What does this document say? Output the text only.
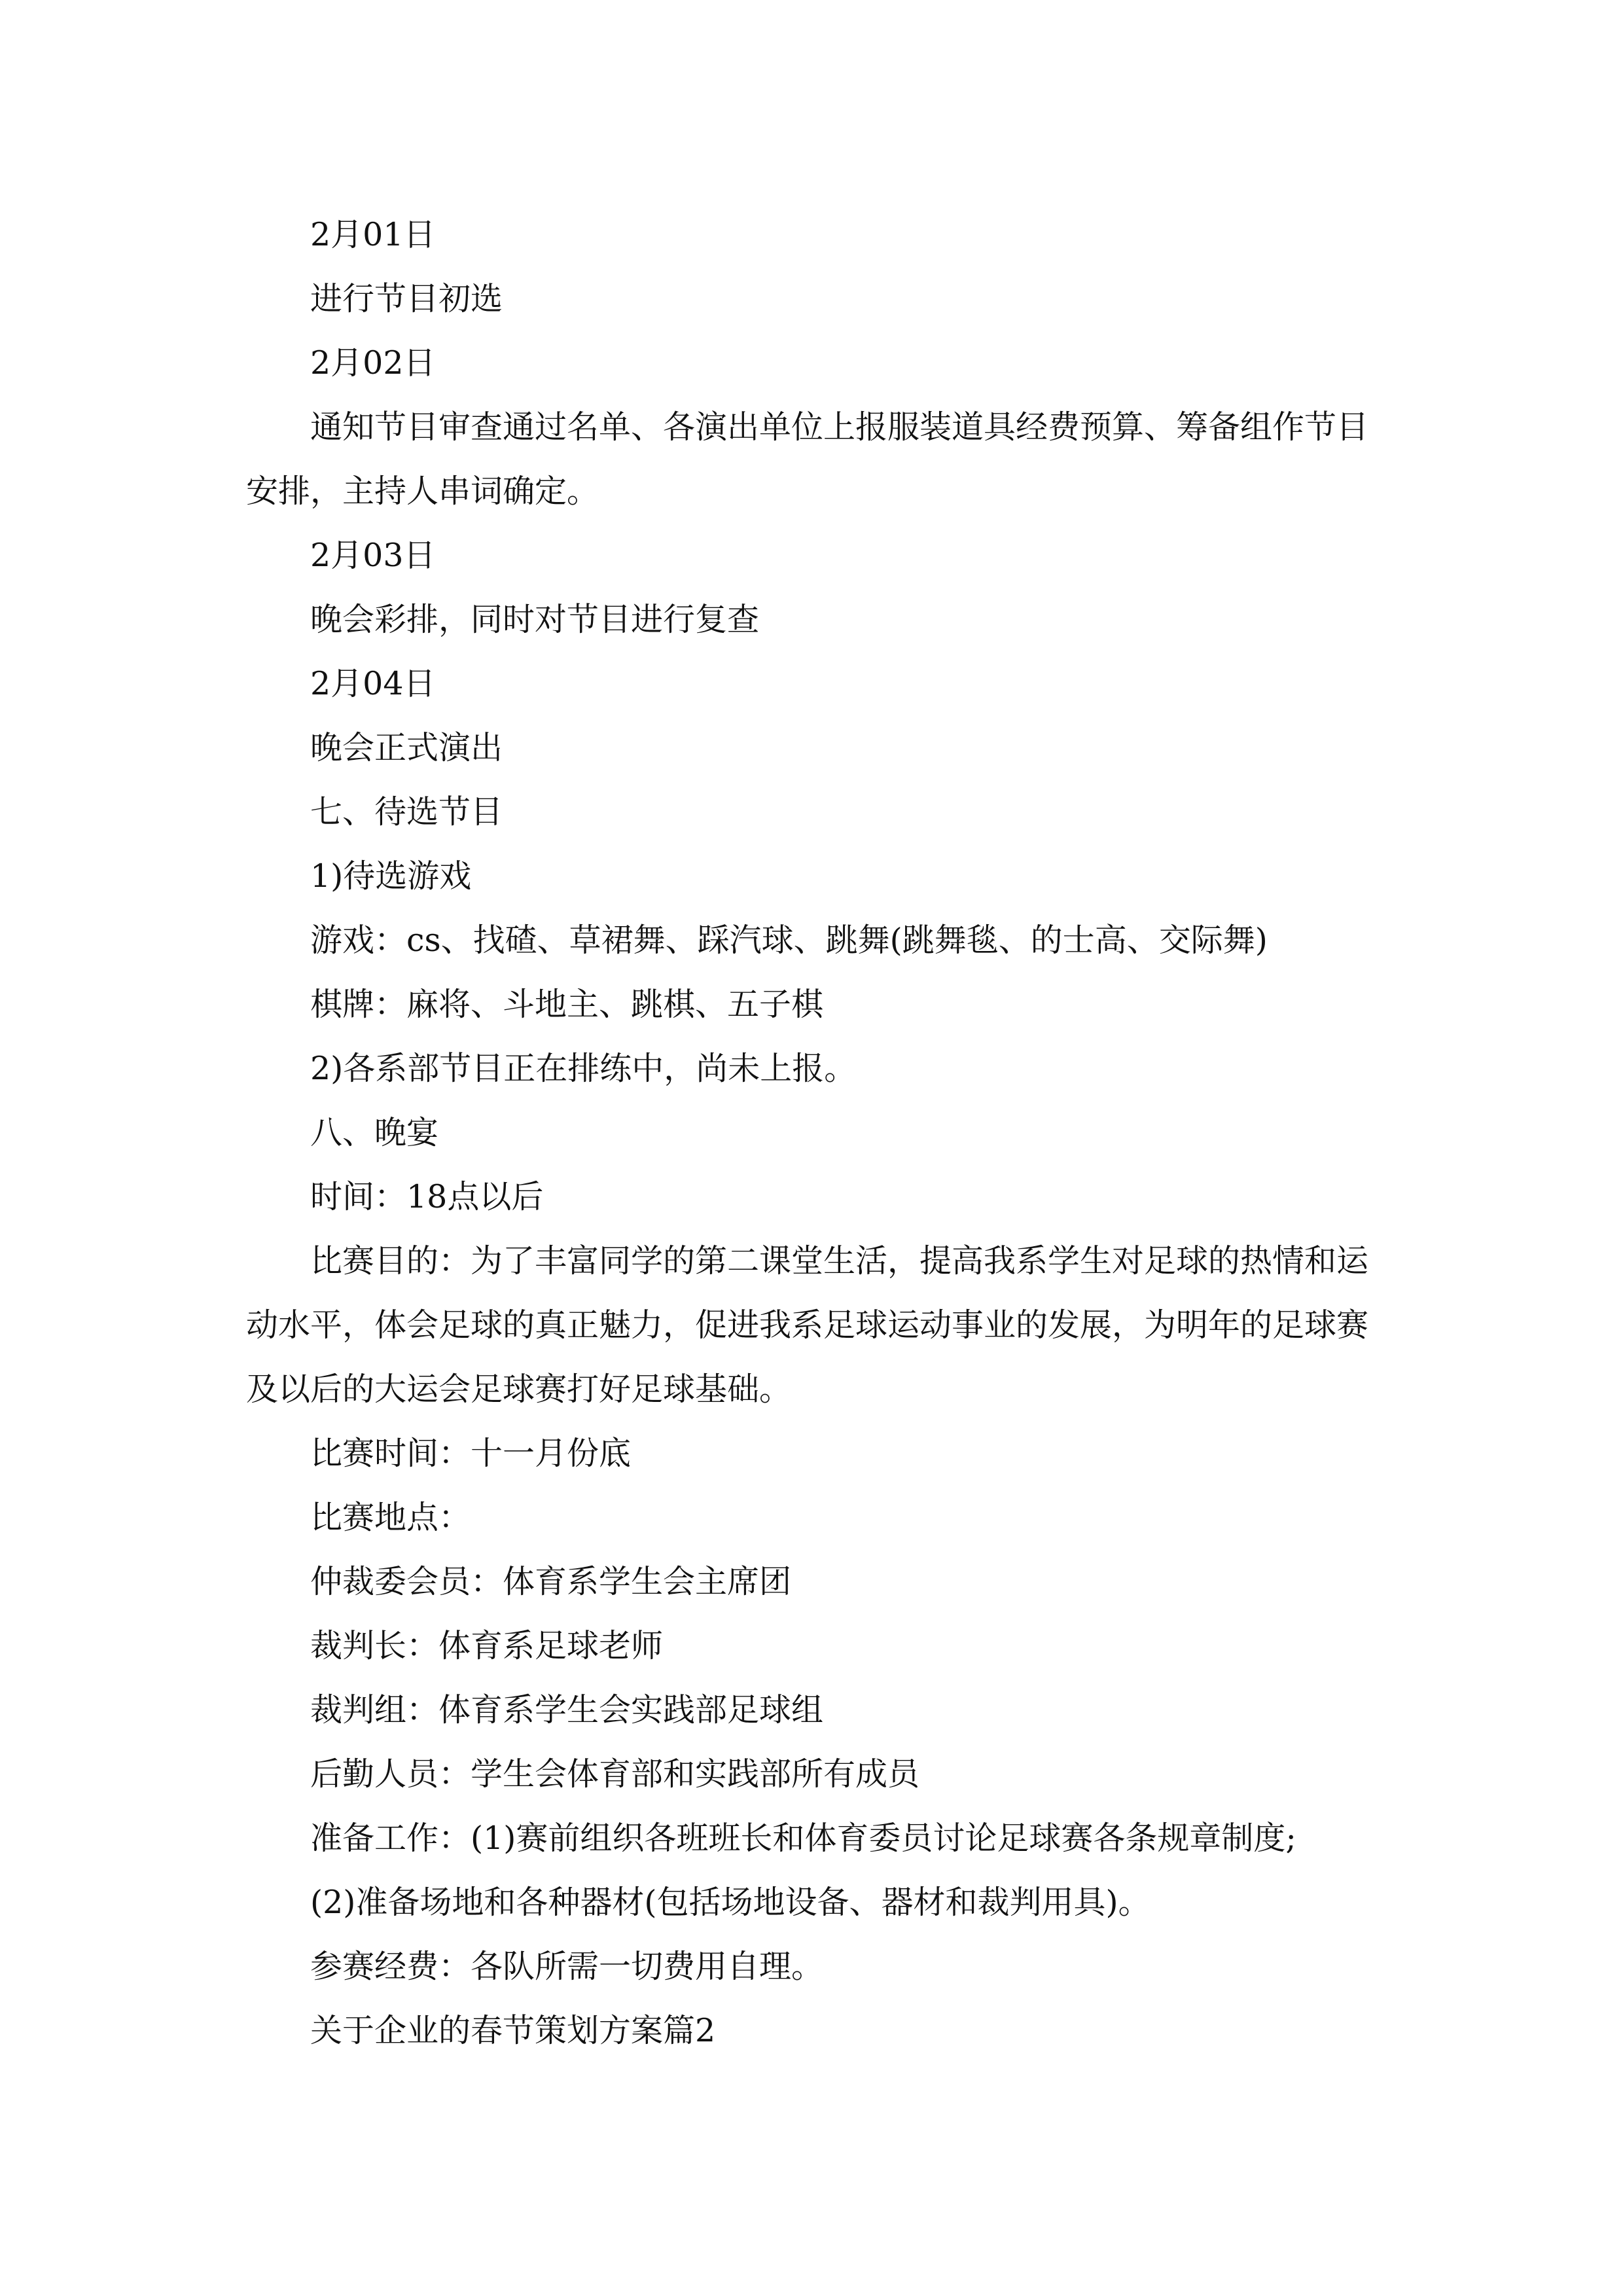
2月01日

进行节目初选

2月02日

通知节目审查通过名单、各演出单位上报服装道具经费预算、筹备组作节目安排，主持人串词确定。

2月03日

晚会彩排，同时对节目进行复查

2月04日

晚会正式演出

七、待选节目

1)待选游戏

游戏：cs、找碴、草裙舞、踩汽球、跳舞(跳舞毯、的士高、交际舞)

棋牌：麻将、斗地主、跳棋、五子棋

2)各系部节目正在排练中，尚未上报。

八、晚宴

时间：18点以后

比赛目的：为了丰富同学的第二课堂生活，提高我系学生对足球的热情和运动水平，体会足球的真正魅力，促进我系足球运动事业的发展，为明年的足球赛及以后的大运会足球赛打好足球基础。

比赛时间：十一月份底

比赛地点：

仲裁委会员：体育系学生会主席团

裁判长：体育系足球老师

裁判组：体育系学生会实践部足球组

后勤人员：学生会体育部和实践部所有成员

准备工作：(1)赛前组织各班班长和体育委员讨论足球赛各条规章制度;

(2)准备场地和各种器材(包括场地设备、器材和裁判用具)。

参赛经费：各队所需一切费用自理。

关于企业的春节策划方案篇2
